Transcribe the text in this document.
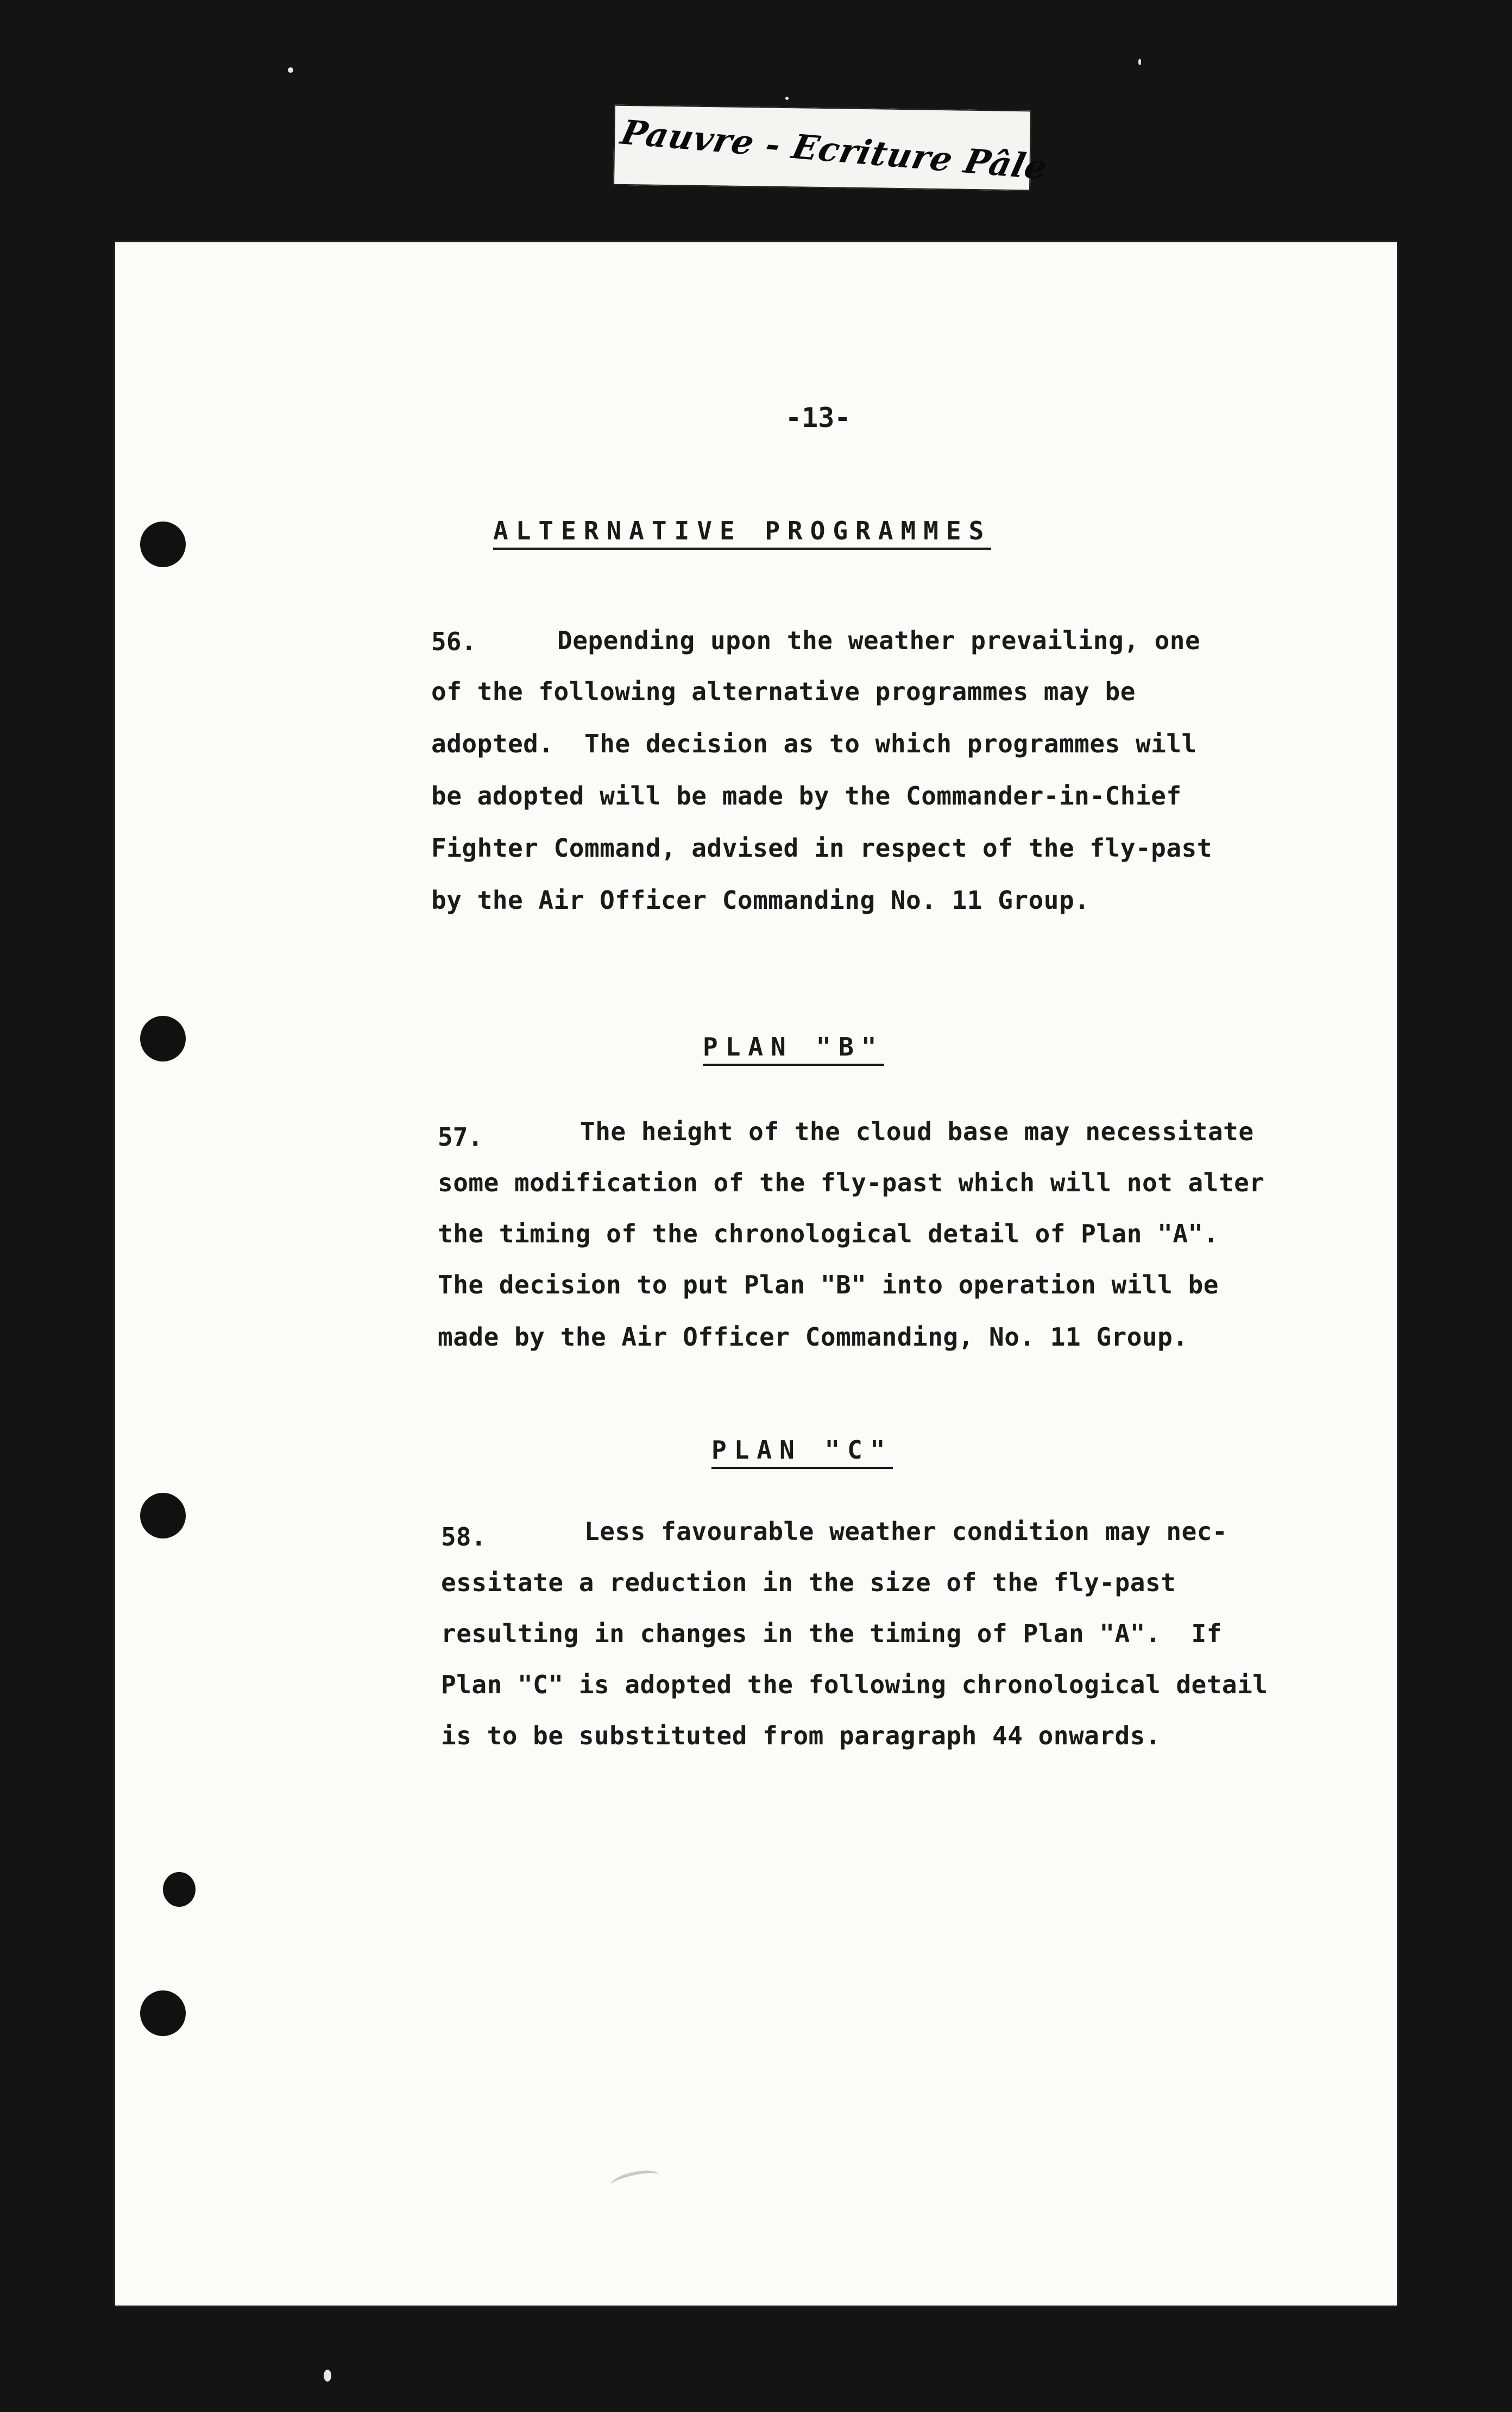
Pauvre - Ecriture Pâle
-13-
ALTERNATIVE PROGRAMMES
56.	Depending upon the weather prevailing, one
of the following alternative programmes may be
adopted.  The decision as to which programmes will
be adopted will be made by the Commander-in-Chief
Fighter Command, advised in respect of the fly-past
by the Air Officer Commanding No. 11 Group.
PLAN "B"
57.	The height of the cloud base may necessitate
some modification of the fly-past which will not alter
the timing of the chronological detail of Plan "A".
The decision to put Plan "B" into operation will be
made by the Air Officer Commanding, No. 11 Group.
PLAN "C"
58.	Less favourable weather condition may nec-
essitate a reduction in the size of the fly-past
resulting in changes in the timing of Plan "A".  If
Plan "C" is adopted the following chronological detail
is to be substituted from paragraph 44 onwards.
